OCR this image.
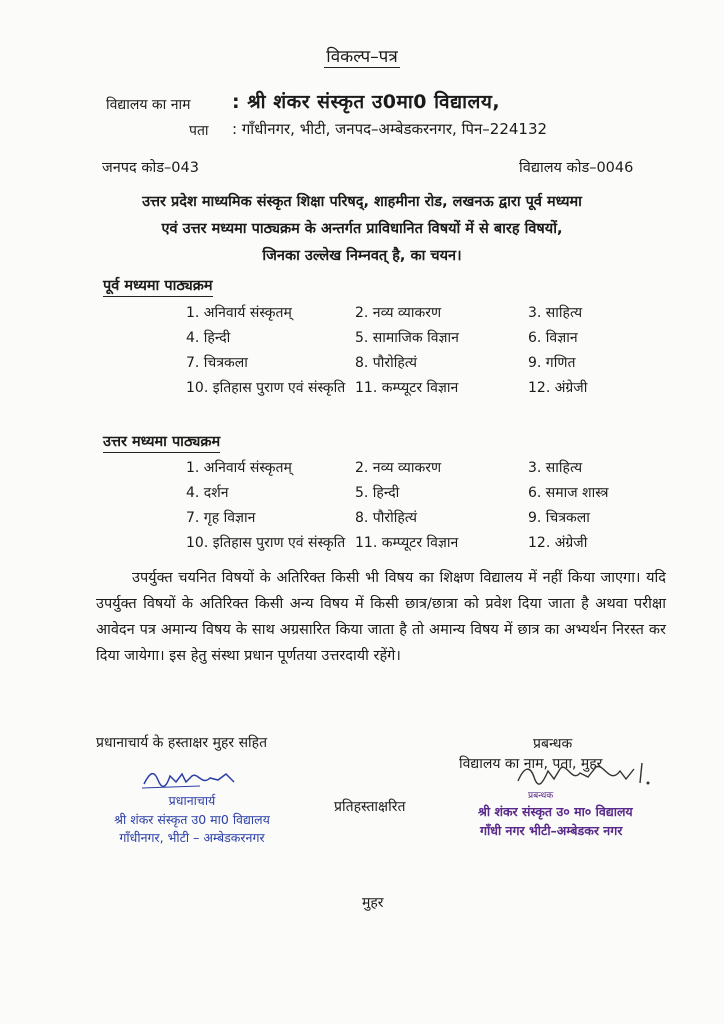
विकल्प–पत्र
विद्यालय का नाम : श्री शंकर संस्कृत उ0मा0 विद्यालय,
पता : गाँधीनगर, भीटी, जनपद–अम्बेडकरनगर, पिन–224132
जनपद कोड–043	विद्यालय कोड–0046
उत्तर प्रदेश माध्यमिक संस्कृत शिक्षा परिषद्, शाहमीना रोड, लखनऊ द्वारा पूर्व मध्यमा
एवं उत्तर मध्यमा पाठ्यक्रम के अन्तर्गत प्राविधानित विषयों में से बारह विषयों,
जिनका उल्लेख निम्नवत् है, का चयन।
पूर्व मध्यमा पाठ्यक्रम
1. अनिवार्य संस्कृतम्	2. नव्य व्याकरण	3. साहित्य
4. हिन्दी	5. सामाजिक विज्ञान	6. विज्ञान
7. चित्रकला	8. पौरोहित्यं	9. गणित
10. इतिहास पुराण एवं संस्कृति 11. कम्प्यूटर विज्ञान	12. अंग्रेजी
उत्तर मध्यमा पाठ्यक्रम
1. अनिवार्य संस्कृतम्	2. नव्य व्याकरण	3. साहित्य
4. दर्शन	5. हिन्दी	6. समाज शास्त्र
7. गृह विज्ञान	8. पौरोहित्यं	9. चित्रकला
10. इतिहास पुराण एवं संस्कृति 11. कम्प्यूटर विज्ञान	12. अंग्रेजी
उपर्युक्त चयनित विषयों के अतिरिक्त किसी भी विषय का शिक्षण विद्यालय में नहीं किया जाएगा। यदि उपर्युक्त विषयों के अतिरिक्त किसी अन्य विषय में किसी छात्र/छात्रा को प्रवेश दिया जाता है अथवा परीक्षा आवेदन पत्र अमान्य विषय के साथ अग्रसारित किया जाता है तो अमान्य विषय में छात्र का अभ्यर्थन निरस्त कर दिया जायेगा। इस हेतु संस्था प्रधान पूर्णतया उत्तरदायी रहेंगे।
प्रधानाचार्य के हस्ताक्षर मुहर सहित	प्रबन्धक
विद्यालय का नाम, पता, मुहर
प्रधानाचार्य
श्री शंकर संस्कृत उ0 मा0 विद्यालय
गाँधीनगर, भीटी – अम्बेडकरनगर
प्रतिहस्ताक्षरित
प्रबन्धक
श्री शंकर संस्कृत उ० मा० विद्यालय
गाँधी नगर भीटी–अम्बेडकर नगर
मुहर
